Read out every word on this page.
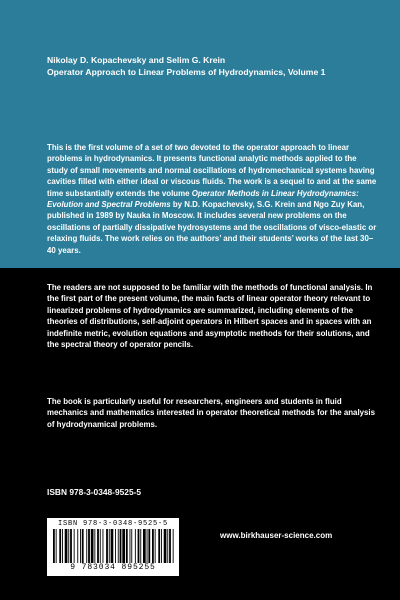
Nikolay D. Kopachevsky and Selim G. Krein
Operator Approach to Linear Problems of Hydrodynamics, Volume 1

This is the first volume of a set of two devoted to the operator approach to linear problems in hydrodynamics. It presents functional analytic methods applied to the study of small movements and normal oscillations of hydromechanical systems having cavities filled with either ideal or viscous fluids. The work is a sequel to and at the same time substantially extends the volume Operator Methods in Linear Hydrodynamics: Evolution and Spectral Problems by N.D. Kopachevsky, S.G. Krein and Ngo Zuy Kan, published in 1989 by Nauka in Moscow. It includes several new problems on the oscillations of partially dissipative hydrosystems and the oscillations of visco-elastic or relaxing fluids. The work relies on the authors’ and their students’ works of the last 30–40 years.

The readers are not supposed to be familiar with the methods of functional analysis. In the first part of the present volume, the main facts of linear operator theory relevant to linearized problems of hydrodynamics are summarized, including elements of the theories of distributions, self-adjoint operators in Hilbert spaces and in spaces with an indefinite metric, evolution equations and asymptotic methods for their solutions, and the spectral theory of operator pencils.

The book is particularly useful for researchers, engineers and students in fluid mechanics and mathematics interested in operator theoretical methods for the analysis of hydrodynamical problems.

ISBN 978-3-0348-9525-5
ISBN 978-3-0348-9525-5
9 783034 895255
www.birkhauser-science.com
